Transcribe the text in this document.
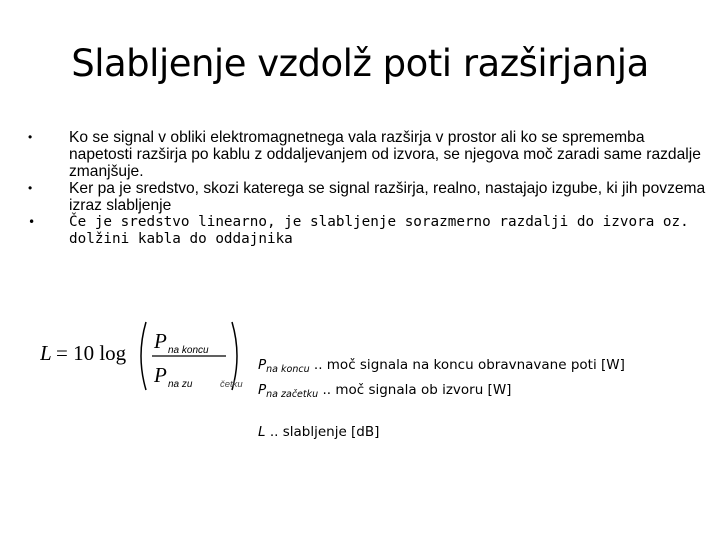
Slabljenje vzdolž poti razširjanja
• Ko se signal v obliki elektromagnetnega vala razširja v prostor ali ko se sprememba napetosti razširja po kablu z oddaljevanjem od izvora, se njegova moč zaradi same razdalje zmanjšuje.
• Ker pa je sredstvo, skozi katerega se signal razširja, realno, nastajajo izgube, ki jih povzema izraz slabljenje
• Če je sredstvo linearno, je slabljenje sorazmerno razdalji do izvora oz. dolžini kabla do oddajnika
L = 10 log P na koncu
P na zu	četku
$P_{na koncu}$ .. moč signala na koncu obravnavane poti [W]
$P_{na začetku}$ .. moč signala ob izvoru [W]
L .. slabljenje [dB]
